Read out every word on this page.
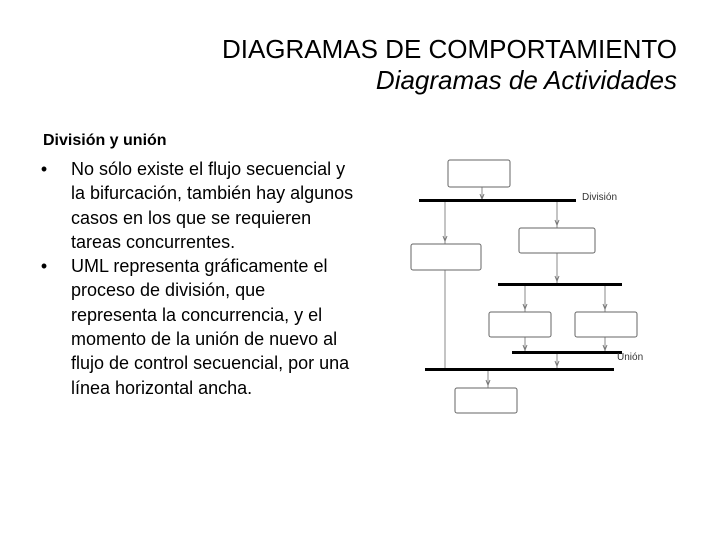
DIAGRAMAS DE COMPORTAMIENTO
Diagramas de Actividades
División y unión
•	No sólo existe el flujo secuencial y la bifurcación, también hay algunos casos en los que se requieren tareas concurrentes.
•	UML representa gráficamente el proceso de división, que representa la concurrencia, y el momento de la unión de nuevo al flujo de control secuencial, por una línea horizontal ancha.
División
Unión
